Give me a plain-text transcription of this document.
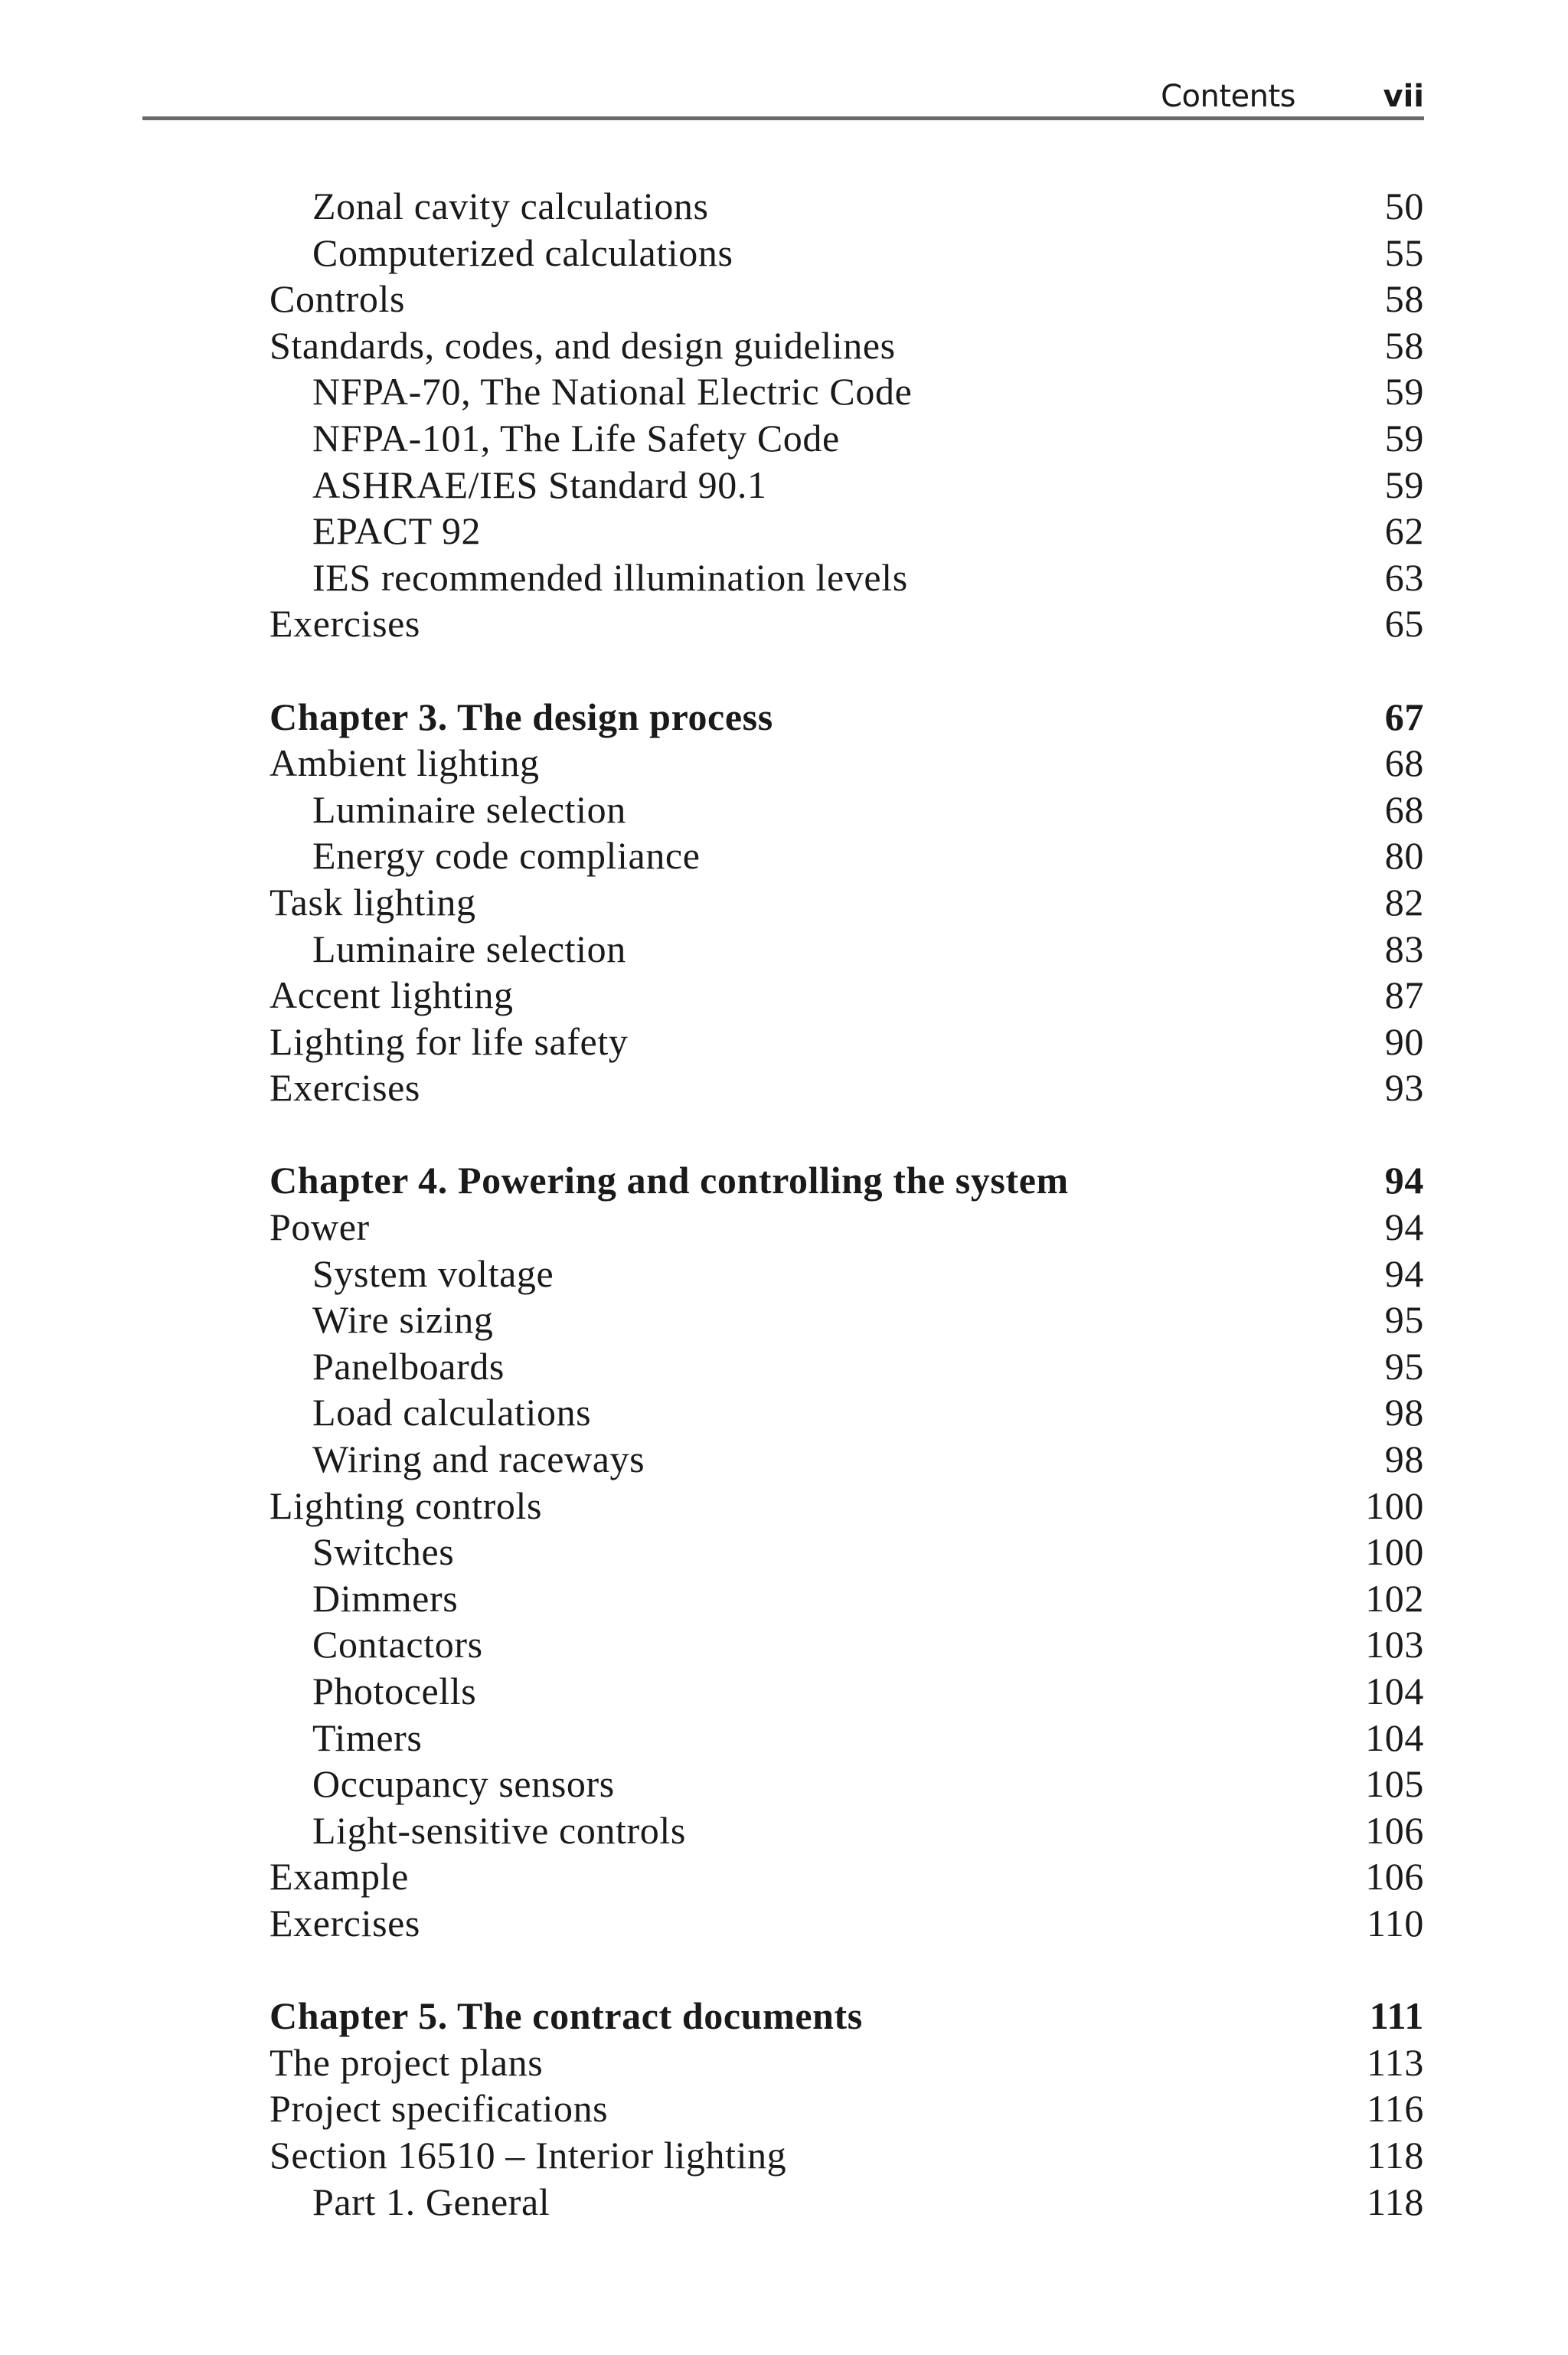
Contents	vii
Zonal cavity calculations	50
Computerized calculations	55
Controls	58
Standards, codes, and design guidelines	58
NFPA-70, The National Electric Code	59
NFPA-101, The Life Safety Code	59
ASHRAE/IES Standard 90.1	59
EPACT 92	62
IES recommended illumination levels	63
Exercises	65
Chapter 3. The design process	67
Ambient lighting	68
Luminaire selection	68
Energy code compliance	80
Task lighting	82
Luminaire selection	83
Accent lighting	87
Lighting for life safety	90
Exercises	93
Chapter 4. Powering and controlling the system	94
Power	94
System voltage	94
Wire sizing	95
Panelboards	95
Load calculations	98
Wiring and raceways	98
Lighting controls	100
Switches	100
Dimmers	102
Contactors	103
Photocells	104
Timers	104
Occupancy sensors	105
Light-sensitive controls	106
Example	106
Exercises	110
Chapter 5. The contract documents	111
The project plans	113
Project specifications	116
Section 16510 – Interior lighting	118
Part 1. General	118
